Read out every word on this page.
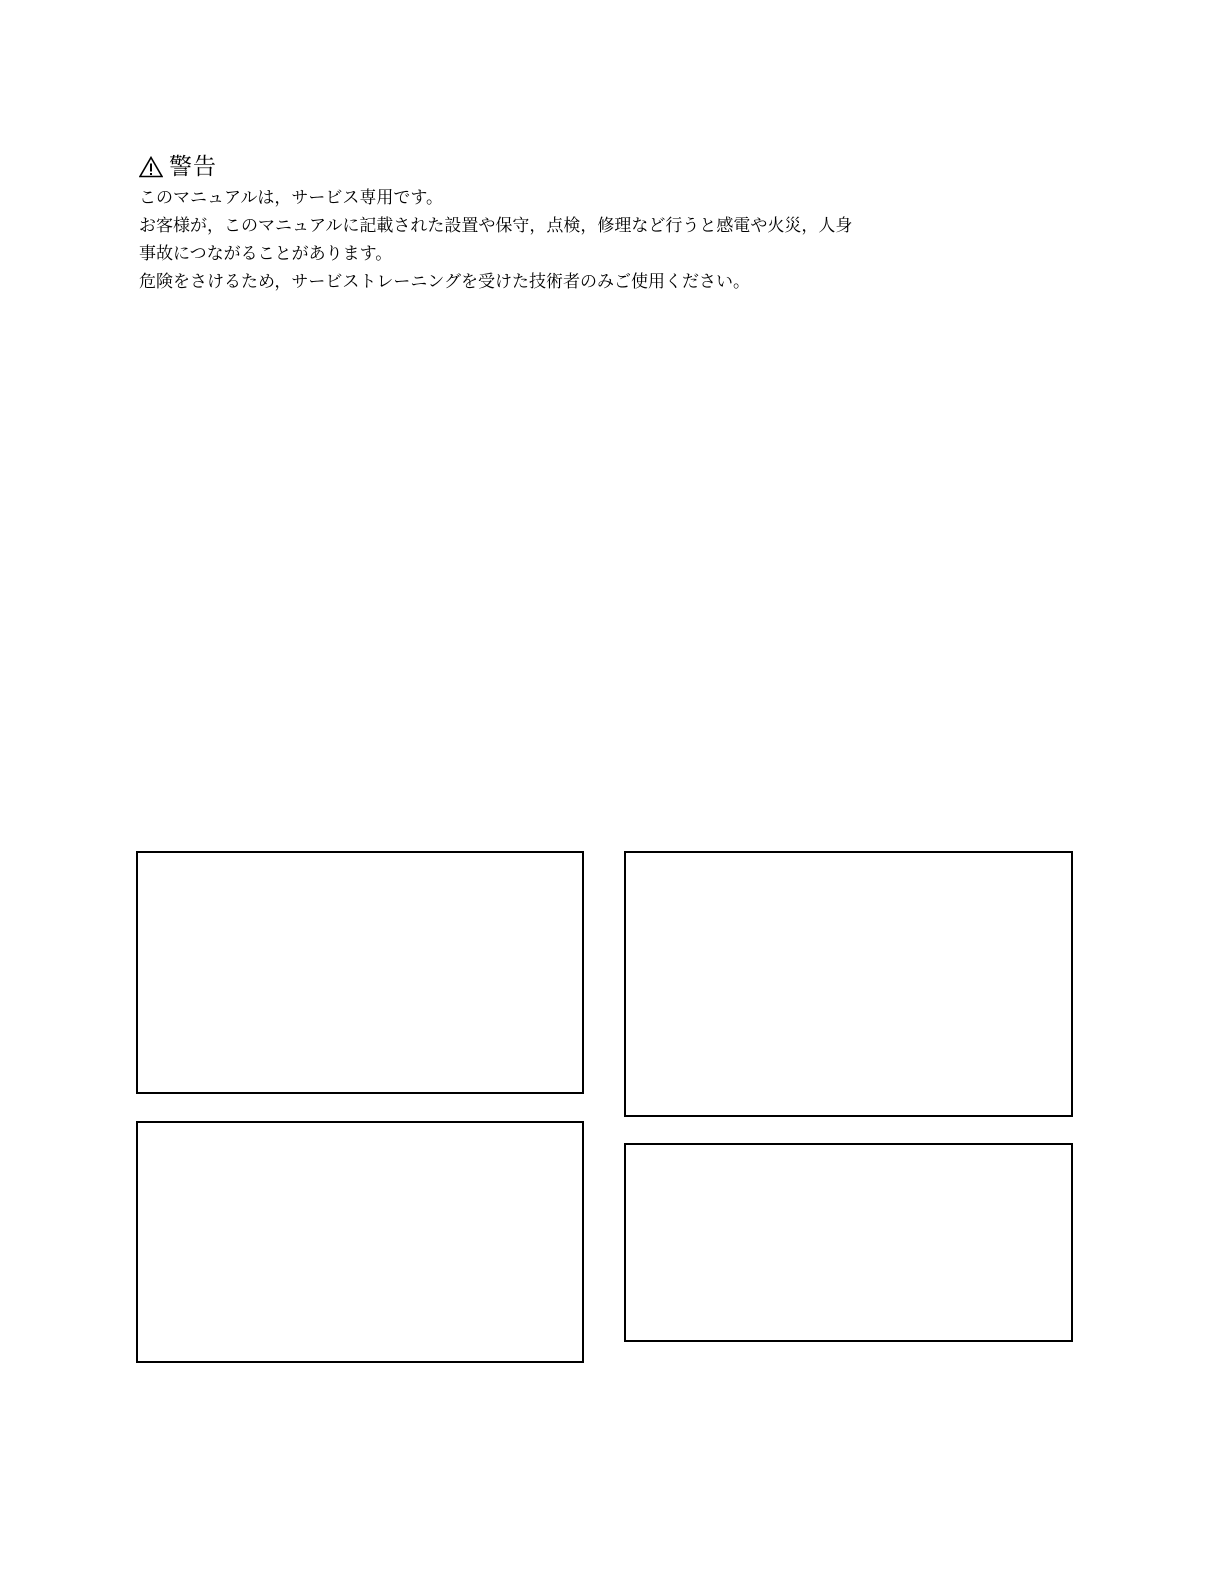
警告
このマニュアルは，サービス専用です。
お客様が，このマニュアルに記載された設置や保守，点検，修理など行うと感電や火災，人身
事故につながることがあります。
危険をさけるため，サービストレーニングを受けた技術者のみご使用ください。
